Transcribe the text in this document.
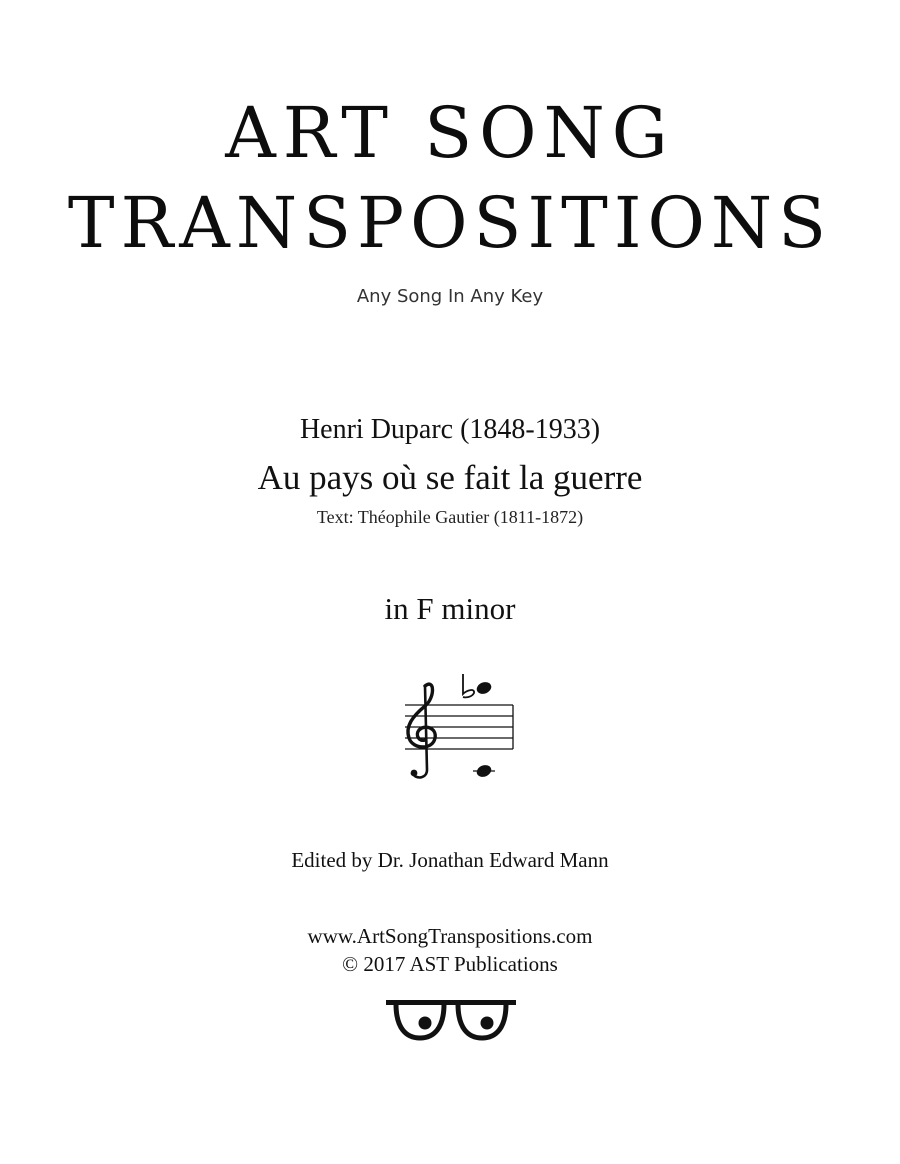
ART SONG
TRANSPOSITIONS
Any Song In Any Key
Henri Duparc (1848-1933)
Au pays où se fait la guerre
Text: Théophile Gautier (1811-1872)
in F minor
Edited by Dr. Jonathan Edward Mann
www.ArtSongTranspositions.com
© 2017 AST Publications
